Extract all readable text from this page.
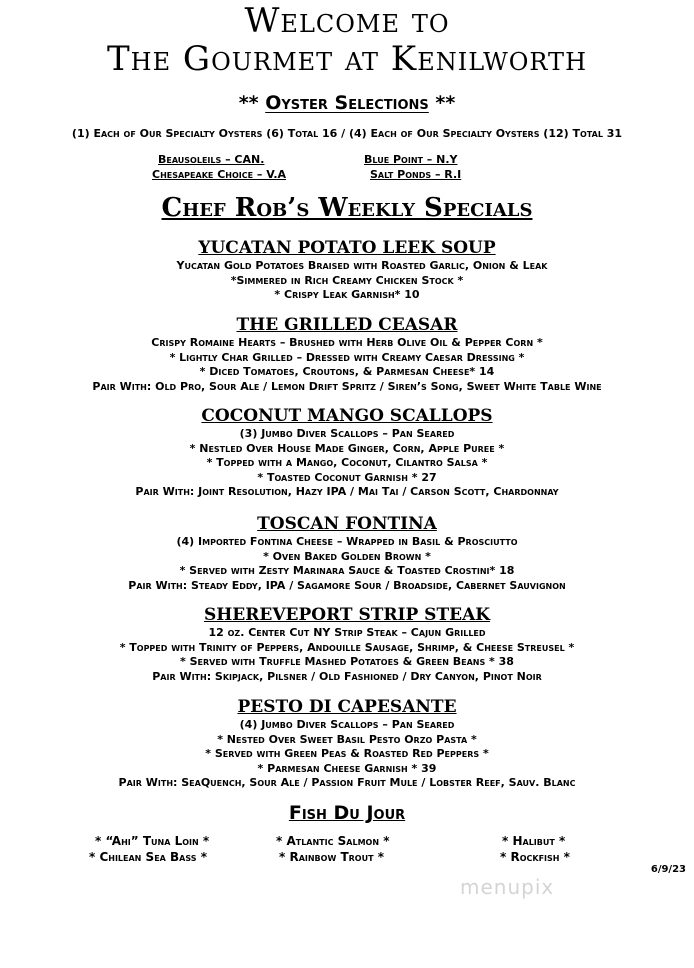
Welcome to
The Gourmet at Kenilworth
** Oyster Selections **
(1) Each of Our Specialty Oysters (6) Total 16 / (4) Each of Our Specialty Oysters (12) Total 31
Beausoleils – CAN.	Blue Point – N.Y
Chesapeake Choice – V.A	Salt Ponds – R.I
Chef Rob’s Weekly Specials
YUCATAN POTATO LEEK SOUP
Yucatan Gold Potatoes Braised with Roasted Garlic, Onion & Leak
*Simmered in Rich Creamy Chicken Stock *
* Crispy Leak Garnish* 10
THE GRILLED CEASAR
Crispy Romaine Hearts – Brushed with Herb Olive Oil & Pepper Corn *
* Lightly Char Grilled – Dressed with Creamy Caesar Dressing *
* Diced Tomatoes, Croutons, & Parmesan Cheese* 14
Pair With: Old Pro, Sour Ale / Lemon Drift Spritz / Siren’s Song, Sweet White Table Wine
COCONUT MANGO SCALLOPS
(3) Jumbo Diver Scallops – Pan Seared
* Nestled Over House Made Ginger, Corn, Apple Puree *
* Topped with a Mango, Coconut, Cilantro Salsa *
* Toasted Coconut Garnish * 27
Pair With: Joint Resolution, Hazy IPA / Mai Tai / Carson Scott, Chardonnay
TOSCAN FONTINA
(4) Imported Fontina Cheese – Wrapped in Basil & Prosciutto
* Oven Baked Golden Brown *
* Served with Zesty Marinara Sauce & Toasted Crostini* 18
Pair With: Steady Eddy, IPA / Sagamore Sour / Broadside, Cabernet Sauvignon
SHEREVEPORT STRIP STEAK
12 oz. Center Cut NY Strip Steak – Cajun Grilled
* Topped with Trinity of Peppers, Andouille Sausage, Shrimp, & Cheese Streusel *
* Served with Truffle Mashed Potatoes & Green Beans * 38
Pair With: Skipjack, Pilsner / Old Fashioned / Dry Canyon, Pinot Noir
PESTO DI CAPESANTE
(4) Jumbo Diver Scallops – Pan Seared
* Nested Over Sweet Basil Pesto Orzo Pasta *
* Served with Green Peas & Roasted Red Peppers *
* Parmesan Cheese Garnish * 39
Pair With: SeaQuench, Sour Ale / Passion Fruit Mule / Lobster Reef, Sauv. Blanc
Fish Du Jour
* “Ahi” Tuna Loin *	* Atlantic Salmon *	* Halibut *
* Chilean Sea Bass *	* Rainbow Trout *	* Rockfish *
6/9/23
menupix
